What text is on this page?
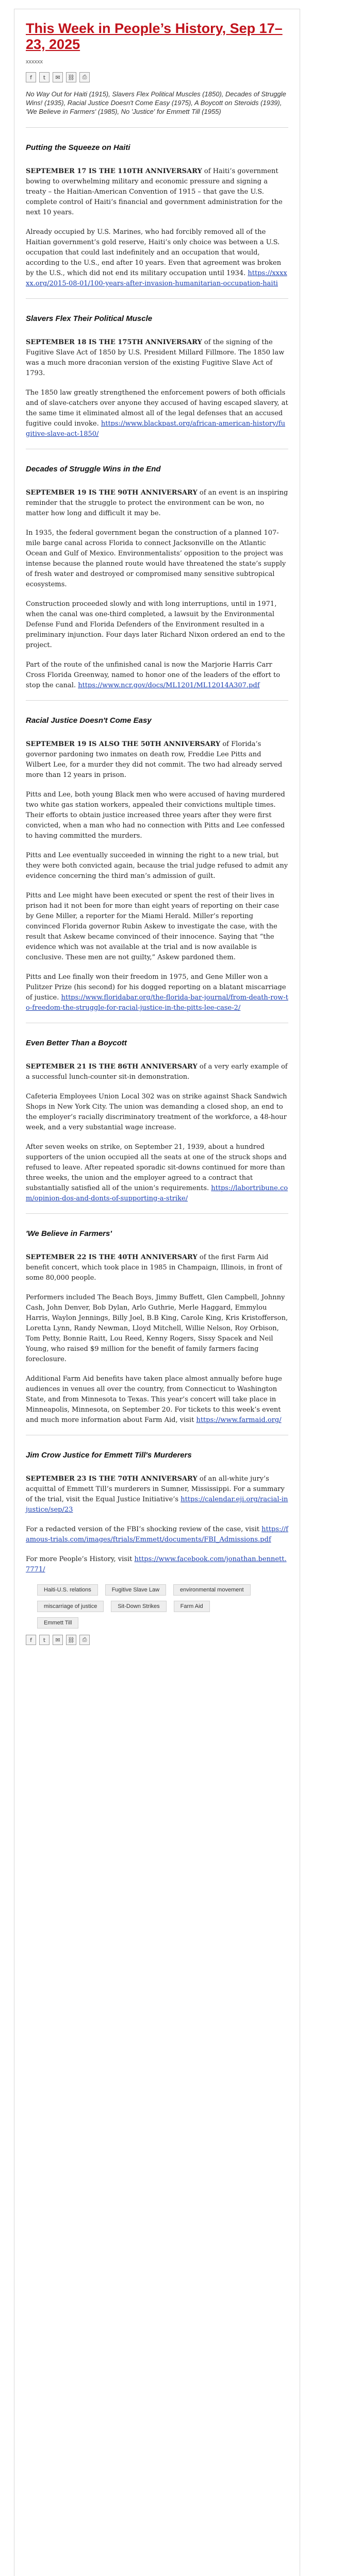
This Week in People’s History, Sep 17–23, 2025
xxxxxx
f	t	✉	⛓	⎙
No Way Out for Haiti (1915), Slavers Flex Political Muscles (1850), Decades of Struggle Wins! (1935), Racial Justice Doesn't Come Easy (1975), A Boycott on Steroids (1939), 'We Believe in Farmers' (1985), No 'Justice' for Emmett Till (1955)
Putting the Squeeze on Haiti

SEPTEMBER 17 IS THE 110TH ANNIVERSARY of Haiti’s government bowing to overwhelming military and economic pressure and signing a treaty – the Haitian-American Convention of 1915 – that gave the U.S. complete control of Haiti’s financial and government administration for the next 10 years.

Already occupied by U.S. Marines, who had forcibly removed all of the Haitian government’s gold reserve, Haiti’s only choice was between a U.S. occupation that could last indefinitely and an occupation that would, according to the U.S., end after 10 years. Even that agreement was broken by the U.S., which did not end its military occupation until 1934. https://xxxxxx.org/2015-08-01/100-years-after-invasion-humanitarian-occupation-haiti

Slavers Flex Their Political Muscle

SEPTEMBER 18 IS THE 175TH ANNIVERSARY of the signing of the Fugitive Slave Act of 1850 by U.S. President Millard Fillmore. The 1850 law was a much more draconian version of the existing Fugitive Slave Act of 1793.

The 1850 law greatly strengthened the enforcement powers of both officials and of slave-catchers over anyone they accused of having escaped slavery, at the same time it eliminated almost all of the legal defenses that an accused fugitive could invoke. https://www.blackpast.org/african-american-history/fugitive-slave-act-1850/

Decades of Struggle Wins in the End

SEPTEMBER 19 IS THE 90TH ANNIVERSARY of an event is an inspiring reminder that the struggle to protect the environment can be won, no matter how long and difficult it may be.

In 1935, the federal government began the construction of a planned 107-mile barge canal across Florida to connect Jacksonville on the Atlantic Ocean and Gulf of Mexico. Environmentalists’ opposition to the project was intense because the planned route would have threatened the state’s supply of fresh water and destroyed or compromised many sensitive subtropical ecosystems.

Construction proceeded slowly and with long interruptions, until in 1971, when the canal was one-third completed, a lawsuit by the Environmental Defense Fund and Florida Defenders of the Environment resulted in a preliminary injunction. Four days later Richard Nixon ordered an end to the project.

Part of the route of the unfinished canal is now the Marjorie Harris Carr Cross Florida Greenway, named to honor one of the leaders of the effort to stop the canal. https://www.ncr.gov/docs/ML1201/ML12014A307.pdf

Racial Justice Doesn't Come Easy

SEPTEMBER 19 IS ALSO THE 50TH ANNIVERSARY of Florida’s governor pardoning two inmates on death row, Freddie Lee Pitts and Wilbert Lee, for a murder they did not commit. The two had already served more than 12 years in prison.

Pitts and Lee, both young Black men who were accused of having murdered two white gas station workers, appealed their convictions multiple times. Their efforts to obtain justice increased three years after they were first convicted, when a man who had no connection with Pitts and Lee confessed to having committed the murders.

Pitts and Lee eventually succeeded in winning the right to a new trial, but they were both convicted again, because the trial judge refused to admit any evidence concerning the third man’s admission of guilt.

Pitts and Lee might have been executed or spent the rest of their lives in prison had it not been for more than eight years of reporting on their case by Gene Miller, a reporter for the Miami Herald. Miller’s reporting convinced Florida governor Rubin Askew to investigate the case, with the result that Askew became convinced of their innocence. Saying that “the evidence which was not available at the trial and is now available is conclusive. These men are not guilty,” Askew pardoned them.

Pitts and Lee finally won their freedom in 1975, and Gene Miller won a Pulitzer Prize (his second) for his dogged reporting on a blatant miscarriage of justice. https://www.floridabar.org/the-florida-bar-journal/from-death-row-to-freedom-the-struggle-for-racial-justice-in-the-pitts-lee-case-2/

Even Better Than a Boycott

SEPTEMBER 21 IS THE 86TH ANNIVERSARY of a very early example of a successful lunch-counter sit-in demonstration.

Cafeteria Employees Union Local 302 was on strike against Shack Sandwich Shops in New York City. The union was demanding a closed shop, an end to the employer’s racially discriminatory treatment of the workforce, a 48-hour week, and a very substantial wage increase.

After seven weeks on strike, on September 21, 1939, about a hundred supporters of the union occupied all the seats at one of the struck shops and refused to leave. After repeated sporadic sit-downs continued for more than three weeks, the union and the employer agreed to a contract that substantially satisfied all of the union’s requirements. https://labortribune.com/opinion-dos-and-donts-of-supporting-a-strike/

'We Believe in Farmers'

SEPTEMBER 22 IS THE 40TH ANNIVERSARY of the first Farm Aid benefit concert, which took place in 1985 in Champaign, Illinois, in front of some 80,000 people.

Performers included The Beach Boys, Jimmy Buffett, Glen Campbell, Johnny Cash, John Denver, Bob Dylan, Arlo Guthrie, Merle Haggard, Emmylou Harris, Waylon Jennings, Billy Joel, B.B King, Carole King, Kris Kristofferson, Loretta Lynn, Randy Newman, Lloyd Mitchell, Willie Nelson, Roy Orbison, Tom Petty, Bonnie Raitt, Lou Reed, Kenny Rogers, Sissy Spacek and Neil Young, who raised $9 million for the benefit of family farmers facing foreclosure.

Additional Farm Aid benefits have taken place almost annually before huge audiences in venues all over the country, from Connecticut to Washington State, and from Minnesota to Texas. This year’s concert will take place in Minneapolis, Minnesota, on September 20. For tickets to this week’s event and much more information about Farm Aid, visit https://www.farmaid.org/

Jim Crow Justice for Emmett Till's Murderers

SEPTEMBER 23 IS THE 70TH ANNIVERSARY of an all-white jury’s acquittal of Emmett Till’s murderers in Sumner, Mississippi. For a summary of the trial, visit the Equal Justice Initiative’s https://calendar.eji.org/racial-injustice/sep/23

For a redacted version of the FBI’s shocking review of the case, visit https://famous-trials.com/images/ftrials/Emmett/documents/FBI_Admissions.pdf

For more People’s History, visit https://www.facebook.com/jonathan.bennett.7771/

Haiti-U.S. relations	Fugitive Slave Law	environmental movement
miscarriage of justice	Sit-Down Strikes	Farm Aid
Emmett Till
f	t	✉	⛓	⎙
